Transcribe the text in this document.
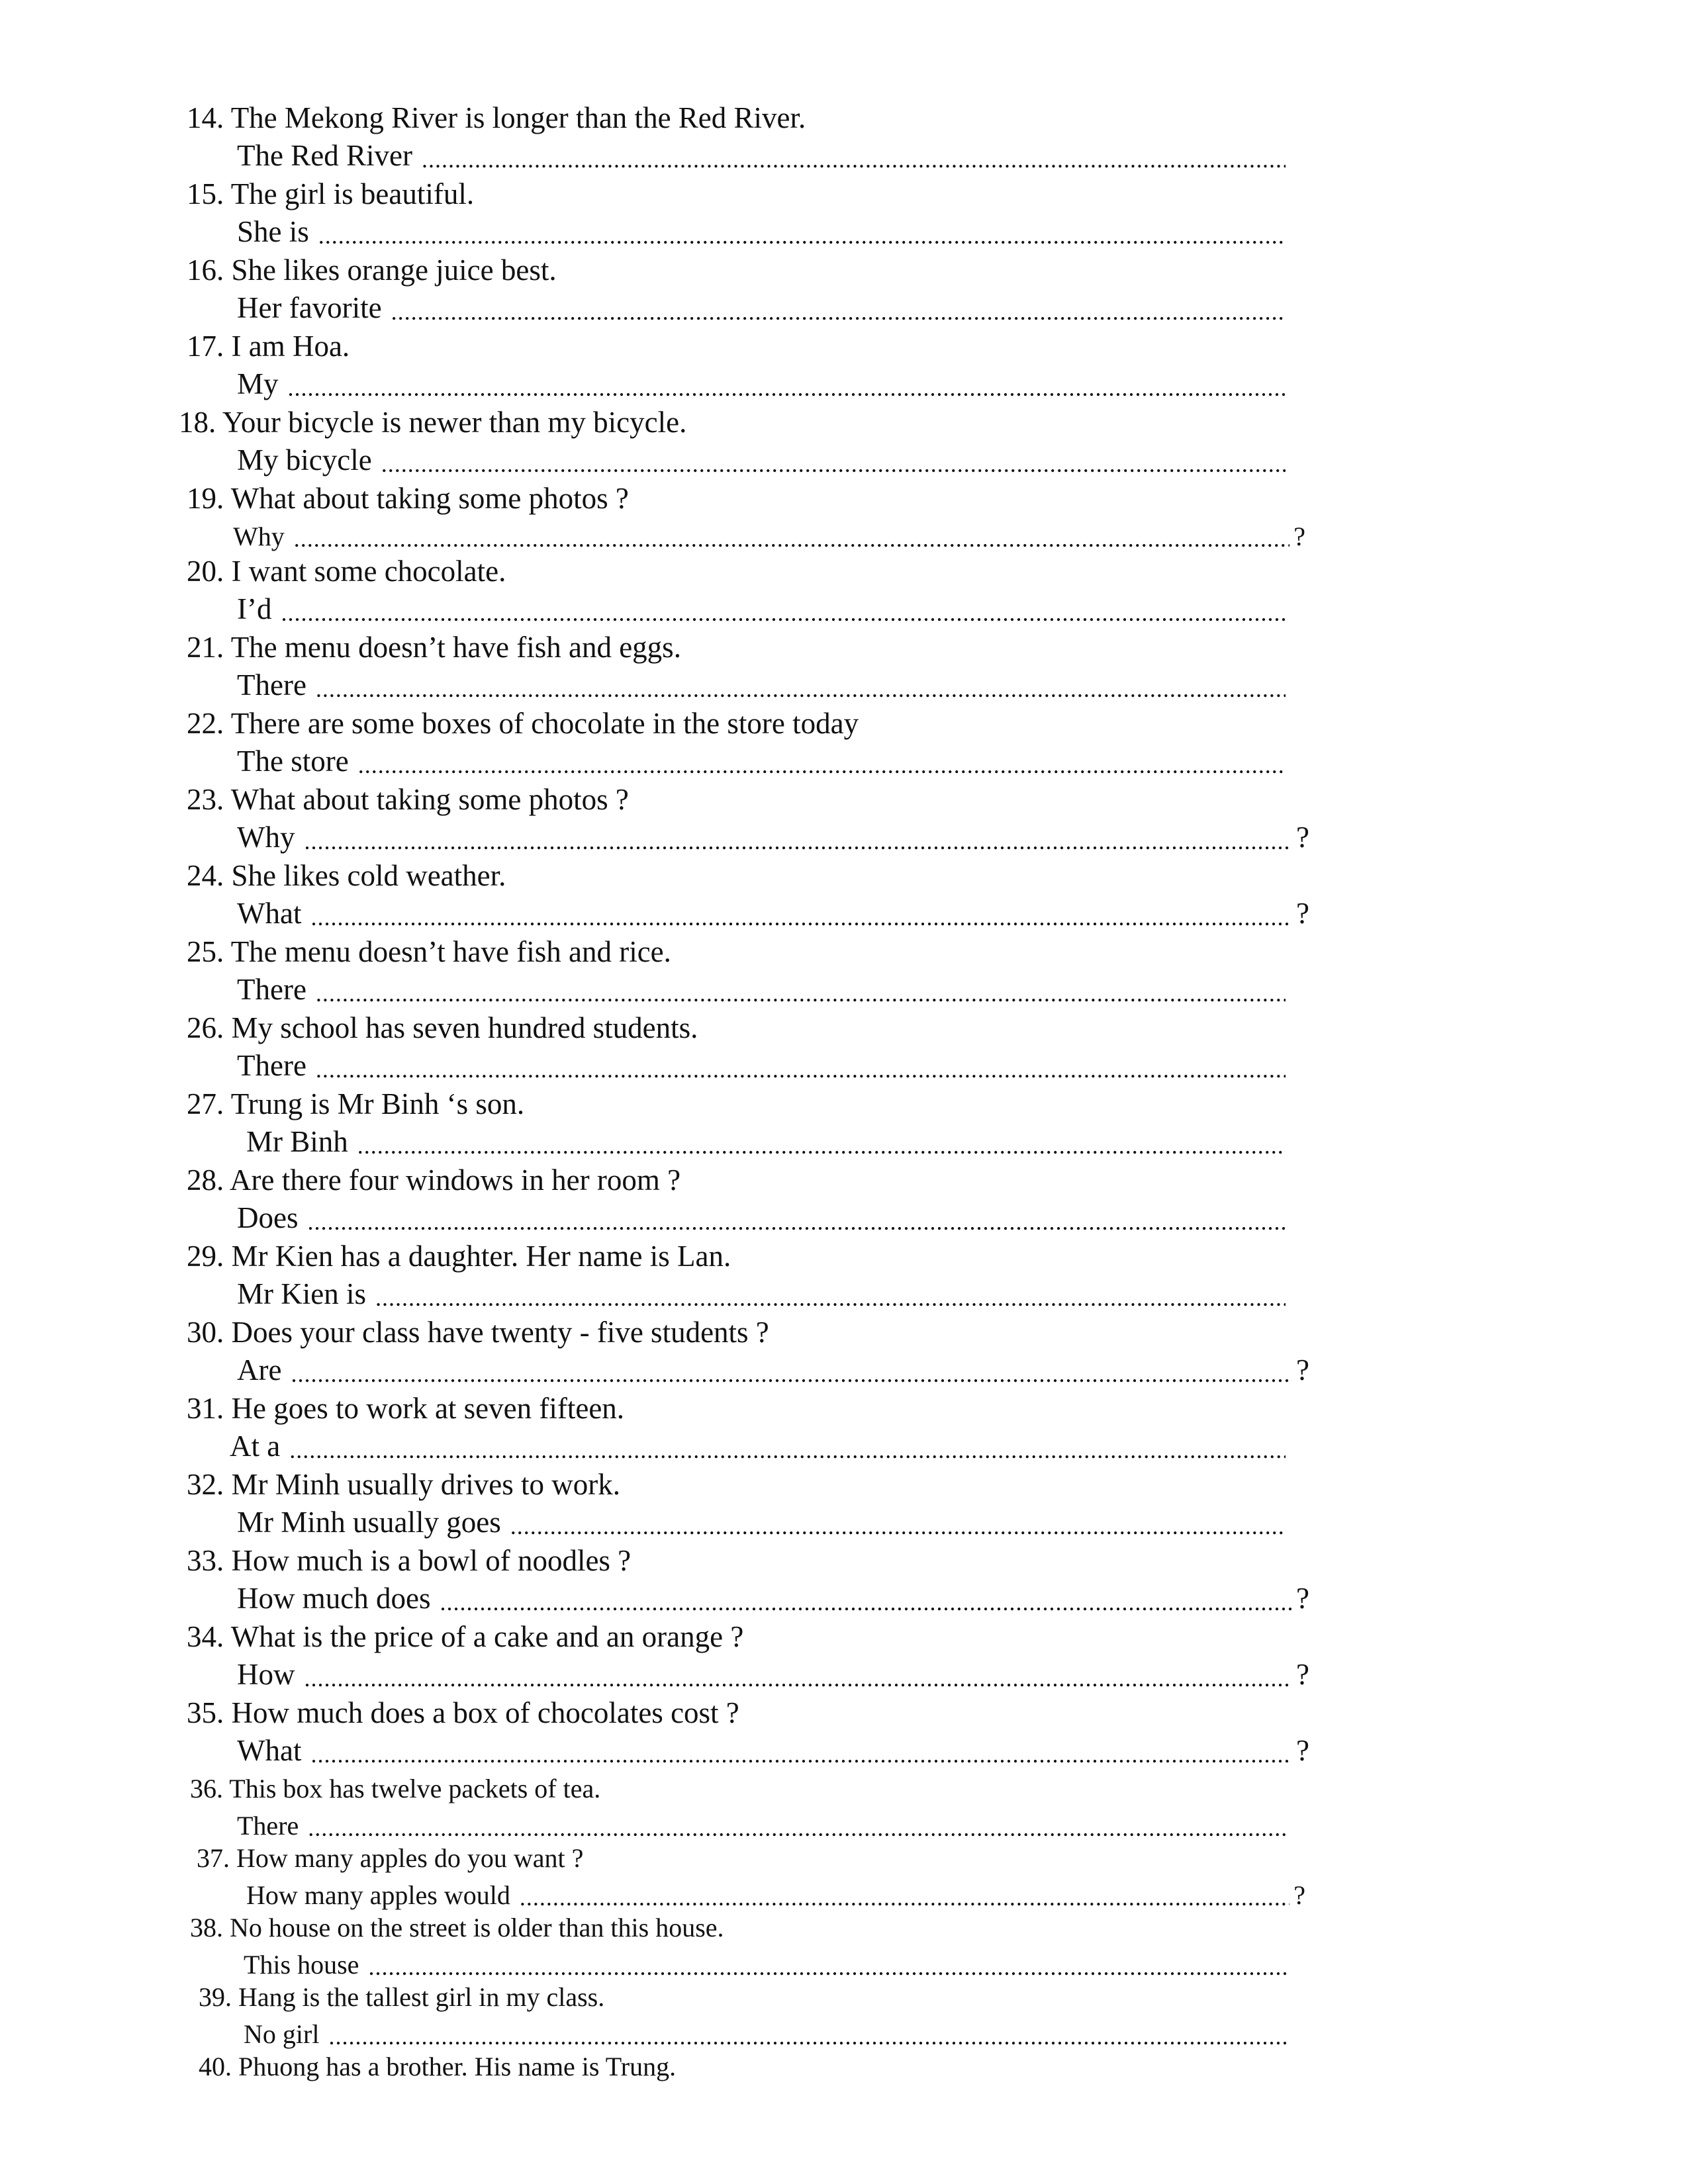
14. The Mekong River is longer than the Red River.
The Red River
.....
15. The girl is beautiful.
She is
.....
16. She likes orange juice best.
Her favorite
.....
17. I am Hoa.
My
.....
18. Your bicycle is newer than my bicycle.
My bicycle
.....
19. What about taking some photos ?
Why .....	?
20. I want some chocolate.
I’d
.....
21. The menu doesn’t have fish and eggs.
There
.....
22. There are some boxes of chocolate in the store today
The store
.....
23. What about taking some photos ?
Why .....	?
24. She likes cold weather.
What .....	?
25. The menu doesn’t have fish and rice.
There
.....
26. My school has seven hundred students.
There
.....
27. Trung is Mr Binh ‘s son.
Mr Binh
.....
28. Are there four windows in her room ?
Does
.....
29. Mr Kien has a daughter. Her name is Lan.
Mr Kien is
.....
30. Does your class have twenty - five students ?
Are .....	?
31. He goes to work at seven fifteen.
At a
.....
32. Mr Minh usually drives to work.
Mr Minh usually goes
.....
33. How much is a bowl of noodles ?
How much does .....	?
34. What is the price of a cake and an orange ?
How .....	?
35. How much does a box of chocolates cost ?
What .....	?
36. This box has twelve packets of tea.
There
.....
37. How many apples do you want ?
How many apples would .....	?
38. No house on the street is older than this house.
This house
.....
39. Hang is the tallest girl in my class.
No girl
.....
40. Phuong has a brother. His name is Trung.
